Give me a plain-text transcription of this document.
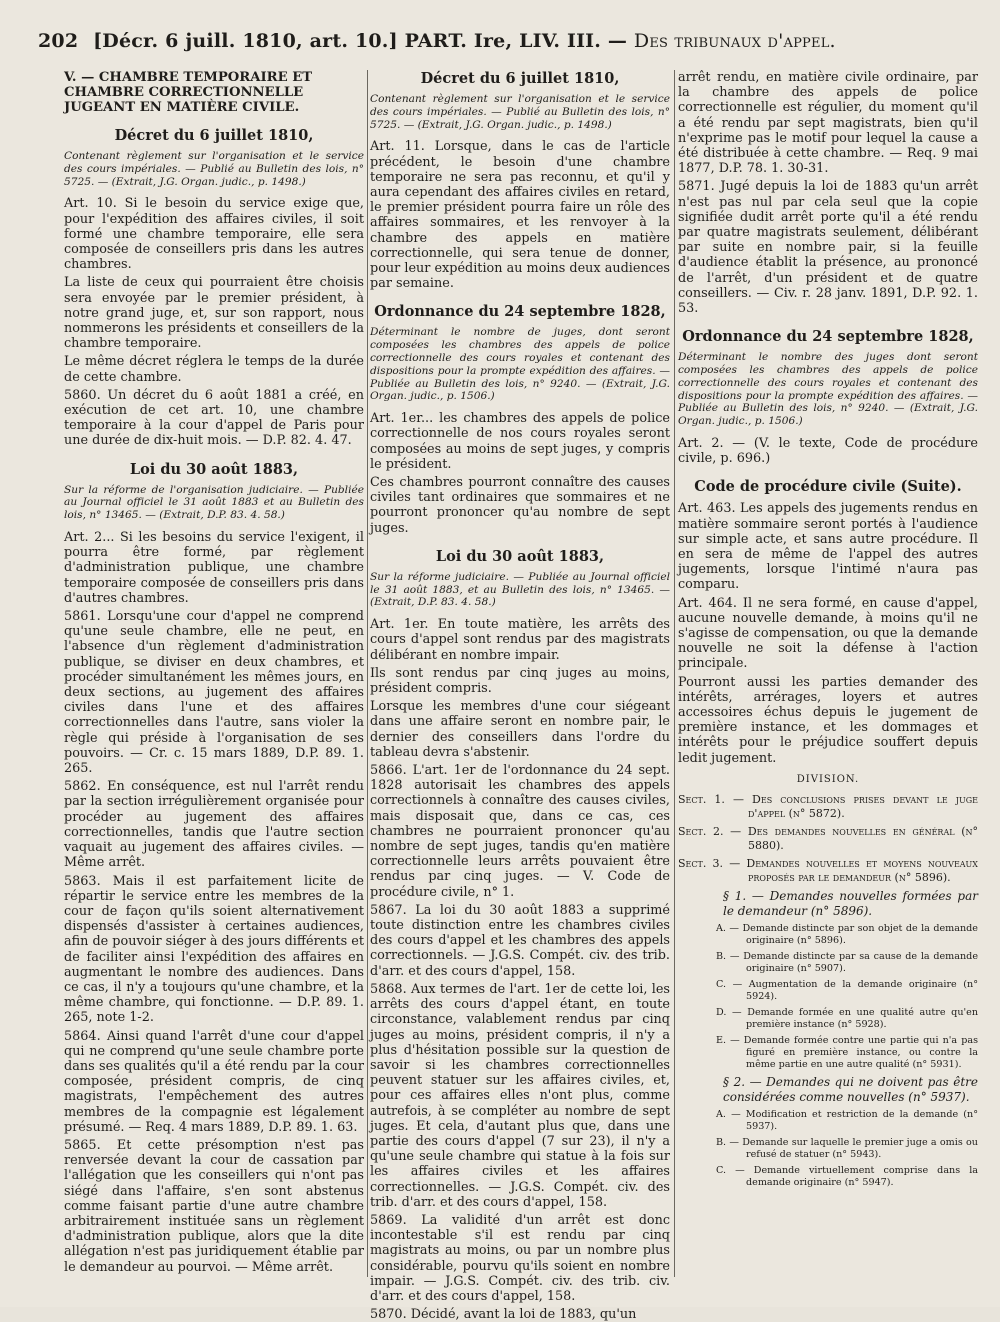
202 [Décr. 6 juill. 1810, art. 10.] PART. Ire, LIV. III. — Des tribunaux d'appel.

V. — CHAMBRE TEMPORAIRE ET CHAMBRE CORRECTIONNELLE JUGEANT EN MATIÈRE CIVILE.

Décret du 6 juillet 1810,

Contenant règlement sur l'organisation et le service des cours impériales. — Publié au Bulletin des lois, n° 5725. — (Extrait, J.G. Organ. judic., p. 1498.)

Art. 10. Si le besoin du service exige que, pour l'expédition des affaires civiles, il soit formé une chambre temporaire, elle sera composée de conseillers pris dans les autres chambres.

La liste de ceux qui pourraient être choisis sera envoyée par le premier président, à notre grand juge, et, sur son rapport, nous nommerons les présidents et conseillers de la chambre temporaire.

Le même décret réglera le temps de la durée de cette chambre.

5860. Un décret du 6 août 1881 a créé, en exécution de cet art. 10, une chambre temporaire à la cour d'appel de Paris pour une durée de dix-huit mois. — D.P. 82. 4. 47.

Loi du 30 août 1883,

Sur la réforme de l'organisation judiciaire. — Publiée au Journal officiel le 31 août 1883 et au Bulletin des lois, n° 13465. — (Extrait, D.P. 83. 4. 58.)

Art. 2... Si les besoins du service l'exigent, il pourra être formé, par règlement d'administration publique, une chambre temporaire composée de conseillers pris dans d'autres chambres.

5861. Lorsqu'une cour d'appel ne comprend qu'une seule chambre, elle ne peut, en l'absence d'un règlement d'administration publique, se diviser en deux chambres, et procéder simultanément les mêmes jours, en deux sections, au jugement des affaires civiles dans l'une et des affaires correctionnelles dans l'autre, sans violer la règle qui préside à l'organisation de ses pouvoirs. — Cr. c. 15 mars 1889, D.P. 89. 1. 265.

5862. En conséquence, est nul l'arrêt rendu par la section irrégulièrement organisée pour procéder au jugement des affaires correctionnelles, tandis que l'autre section vaquait au jugement des affaires civiles. — Même arrêt.

5863. Mais il est parfaitement licite de répartir le service entre les membres de la cour de façon qu'ils soient alternativement dispensés d'assister à certaines audiences, afin de pouvoir siéger à des jours différents et de faciliter ainsi l'expédition des affaires en augmentant le nombre des audiences. Dans ce cas, il n'y a toujours qu'une chambre, et la même chambre, qui fonctionne. — D.P. 89. 1. 265, note 1-2.

5864. Ainsi quand l'arrêt d'une cour d'appel qui ne comprend qu'une seule chambre porte dans ses qualités qu'il a été rendu par la cour composée, président compris, de cinq magistrats, l'empêchement des autres membres de la compagnie est légalement présumé. — Req. 4 mars 1889, D.P. 89. 1. 63.

5865. Et cette présomption n'est pas renversée devant la cour de cassation par l'allégation que les conseillers qui n'ont pas siégé dans l'affaire, s'en sont abstenus comme faisant partie d'une autre chambre arbitrairement instituée sans un règlement d'administration publique, alors que la dite allégation n'est pas juridiquement établie par le demandeur au pourvoi. — Même arrêt.

Décret du 6 juillet 1810,

Contenant règlement sur l'organisation et le service des cours impériales. — Publié au Bulletin des lois, n° 5725. — (Extrait, J.G. Organ. judic., p. 1498.)

Art. 11. Lorsque, dans le cas de l'article précédent, le besoin d'une chambre temporaire ne sera pas reconnu, et qu'il y aura cependant des affaires civiles en retard, le premier président pourra faire un rôle des affaires sommaires, et les renvoyer à la chambre des appels en matière correctionnelle, qui sera tenue de donner, pour leur expédition au moins deux audiences par semaine.

Ordonnance du 24 septembre 1828,

Déterminant le nombre de juges, dont seront composées les chambres des appels de police correctionnelle des cours royales et contenant des dispositions pour la prompte expédition des affaires. — Publiée au Bulletin des lois, n° 9240. — (Extrait, J.G. Organ. judic., p. 1506.)

Art. 1er... les chambres des appels de police correctionnelle de nos cours royales seront composées au moins de sept juges, y compris le président.

Ces chambres pourront connaître des causes civiles tant ordinaires que sommaires et ne pourront prononcer qu'au nombre de sept juges.

Loi du 30 août 1883,

Sur la réforme judiciaire. — Publiée au Journal officiel le 31 août 1883, et au Bulletin des lois, n° 13465. — (Extrait, D.P. 83. 4. 58.)

Art. 1er. En toute matière, les arrêts des cours d'appel sont rendus par des magistrats délibérant en nombre impair.

Ils sont rendus par cinq juges au moins, président compris.

Lorsque les membres d'une cour siégeant dans une affaire seront en nombre pair, le dernier des conseillers dans l'ordre du tableau devra s'abstenir.

5866. L'art. 1er de l'ordonnance du 24 sept. 1828 autorisait les chambres des appels correctionnels à connaître des causes civiles, mais disposait que, dans ce cas, ces chambres ne pourraient prononcer qu'au nombre de sept juges, tandis qu'en matière correctionnelle leurs arrêts pouvaient être rendus par cinq juges. — V. Code de procédure civile, n° 1.

5867. La loi du 30 août 1883 a supprimé toute distinction entre les chambres civiles des cours d'appel et les chambres des appels correctionnels. — J.G.S. Compét. civ. des trib. d'arr. et des cours d'appel, 158.

5868. Aux termes de l'art. 1er de cette loi, les arrêts des cours d'appel étant, en toute circonstance, valablement rendus par cinq juges au moins, président compris, il n'y a plus d'hésitation possible sur la question de savoir si les chambres correctionnelles peuvent statuer sur les affaires civiles, et, pour ces affaires elles n'ont plus, comme autrefois, à se compléter au nombre de sept juges. Et cela, d'autant plus que, dans une partie des cours d'appel (7 sur 23), il n'y a qu'une seule chambre qui statue à la fois sur les affaires civiles et les affaires correctionnelles. — J.G.S. Compét. civ. des trib. d'arr. et des cours d'appel, 158.

5869. La validité d'un arrêt est donc incontestable s'il est rendu par cinq magistrats au moins, ou par un nombre plus considérable, pourvu qu'ils soient en nombre impair. — J.G.S. Compét. civ. des trib. civ. d'arr. et des cours d'appel, 158.

5870. Décidé, avant la loi de 1883, qu'un

arrêt rendu, en matière civile ordinaire, par la chambre des appels de police correctionnelle est régulier, du moment qu'il a été rendu par sept magistrats, bien qu'il n'exprime pas le motif pour lequel la cause a été distribuée à cette chambre. — Req. 9 mai 1877, D.P. 78. 1. 30-31.

5871. Jugé depuis la loi de 1883 qu'un arrêt n'est pas nul par cela seul que la copie signifiée dudit arrêt porte qu'il a été rendu par quatre magistrats seulement, délibérant par suite en nombre pair, si la feuille d'audience établit la présence, au prononcé de l'arrêt, d'un président et de quatre conseillers. — Civ. r. 28 janv. 1891, D.P. 92. 1. 53.

Ordonnance du 24 septembre 1828,

Déterminant le nombre des juges dont seront composées les chambres des appels de police correctionnelle des cours royales et contenant des dispositions pour la prompte expédition des affaires. — Publiée au Bulletin des lois, n° 9240. — (Extrait, J.G. Organ. judic., p. 1506.)

Art. 2. — (V. le texte, Code de procédure civile, p. 696.)

Code de procédure civile (Suite).

Art. 463. Les appels des jugements rendus en matière sommaire seront portés à l'audience sur simple acte, et sans autre procédure. Il en sera de même de l'appel des autres jugements, lorsque l'intimé n'aura pas comparu.

Art. 464. Il ne sera formé, en cause d'appel, aucune nouvelle demande, à moins qu'il ne s'agisse de compensation, ou que la demande nouvelle ne soit la défense à l'action principale.

Pourront aussi les parties demander des intérêts, arrérages, loyers et autres accessoires échus depuis le jugement de première instance, et les dommages et intérêts pour le préjudice souffert depuis ledit jugement.

DIVISION.

Sect. 1. — Des conclusions prises devant le juge d'appel (n° 5872).

Sect. 2. — Des demandes nouvelles en général (n° 5880).

Sect. 3. — Demandes nouvelles et moyens nouveaux proposés par le demandeur (n° 5896).

§ 1. — Demandes nouvelles formées par le demandeur (n° 5896).

A. — Demande distincte par son objet de la demande originaire (n° 5896).

B. — Demande distincte par sa cause de la demande originaire (n° 5907).

C. — Augmentation de la demande originaire (n° 5924).

D. — Demande formée en une qualité autre qu'en première instance (n° 5928).

E. — Demande formée contre une partie qui n'a pas figuré en première instance, ou contre la même partie en une autre qualité (n° 5931).

§ 2. — Demandes qui ne doivent pas être considérées comme nouvelles (n° 5937).

A. — Modification et restriction de la demande (n° 5937).

B. — Demande sur laquelle le premier juge a omis ou refusé de statuer (n° 5943).

C. — Demande virtuellement comprise dans la demande originaire (n° 5947).
